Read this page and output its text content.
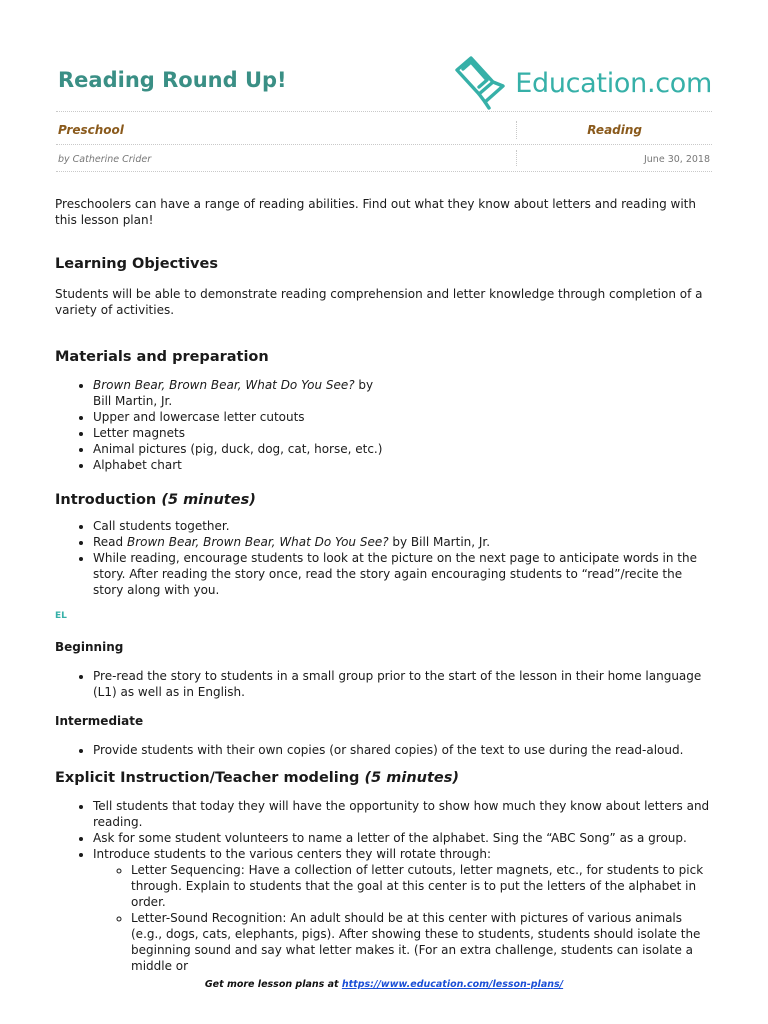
Reading Round Up!	Education.com
Preschool	Reading
by Catherine Crider	June 30, 2018

Preschoolers can have a range of reading abilities. Find out what they know about letters and reading with this lesson plan!

Learning Objectives

Students will be able to demonstrate reading comprehension and letter knowledge through completion of a variety of activities.

Materials and preparation
• Brown Bear, Brown Bear, What Do You See? by
Bill Martin, Jr.
• Upper and lowercase letter cutouts
• Letter magnets
• Animal pictures (pig, duck, dog, cat, horse, etc.)
• Alphabet chart
Introduction (5 minutes)
• Call students together.
• Read Brown Bear, Brown Bear, What Do You See? by Bill Martin, Jr.
• While reading, encourage students to look at the picture on the next page to anticipate words in the story. After reading the story once, read the story again encouraging students to “read”/recite the story along with you.
EL
Beginning
• Pre-read the story to students in a small group prior to the start of the lesson in their home language (L1) as well as in English.
Intermediate
• Provide students with their own copies (or shared copies) of the text to use during the read-aloud.
Explicit Instruction/Teacher modeling (5 minutes)
• Tell students that today they will have the opportunity to show how much they know about letters and reading.
• Ask for some student volunteers to name a letter of the alphabet. Sing the “ABC Song” as a group.
• Introduce students to the various centers they will rotate through:
◦ Letter Sequencing: Have a collection of letter cutouts, letter magnets, etc., for students to pick through. Explain to students that the goal at this center is to put the letters of the alphabet in order.
◦ Letter-Sound Recognition: An adult should be at this center with pictures of various animals (e.g., dogs, cats, elephants, pigs). After showing these to students, students should isolate the beginning sound and say what letter makes it. (For an extra challenge, students can isolate a middle or
Get more lesson plans at https://www.education.com/lesson-plans/
